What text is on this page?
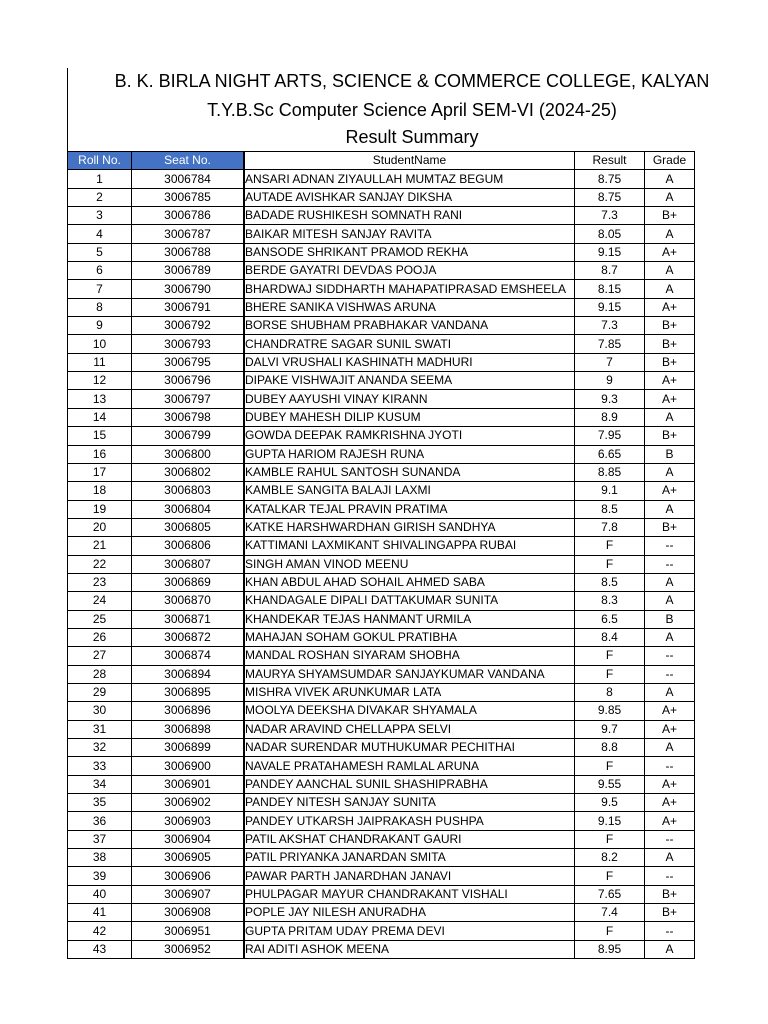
B. K. BIRLA NIGHT ARTS, SCIENCE & COMMERCE COLLEGE, KALYAN
T.Y.B.Sc Computer Science April SEM-VI (2024-25)
Result Summary
Roll No.	Seat No.		StudentName	Result	Grade
1	3006784		ANSARI ADNAN ZIYAULLAH MUMTAZ BEGUM	8.75	A
2	3006785		AUTADE AVISHKAR SANJAY DIKSHA	8.75	A
3	3006786		BADADE RUSHIKESH SOMNATH RANI	7.3	B+
4	3006787		BAIKAR MITESH SANJAY RAVITA	8.05	A
5	3006788		BANSODE SHRIKANT PRAMOD REKHA	9.15	A+
6	3006789		BERDE GAYATRI DEVDAS POOJA	8.7	A
7	3006790		BHARDWAJ SIDDHARTH MAHAPATIPRASAD EMSHEELA	8.15	A
8	3006791		BHERE SANIKA VISHWAS ARUNA	9.15	A+
9	3006792		BORSE SHUBHAM PRABHAKAR VANDANA	7.3	B+
10	3006793		CHANDRATRE SAGAR SUNIL SWATI	7.85	B+
11	3006795		DALVI VRUSHALI KASHINATH MADHURI	7	B+
12	3006796		DIPAKE VISHWAJIT ANANDA SEEMA	9	A+
13	3006797		DUBEY AAYUSHI VINAY KIRANN	9.3	A+
14	3006798		DUBEY MAHESH DILIP KUSUM	8.9	A
15	3006799		GOWDA DEEPAK RAMKRISHNA JYOTI	7.95	B+
16	3006800		GUPTA HARIOM RAJESH RUNA	6.65	B
17	3006802		KAMBLE RAHUL SANTOSH SUNANDA	8.85	A
18	3006803		KAMBLE SANGITA BALAJI LAXMI	9.1	A+
19	3006804		KATALKAR TEJAL PRAVIN PRATIMA	8.5	A
20	3006805		KATKE HARSHWARDHAN GIRISH SANDHYA	7.8	B+
21	3006806		KATTIMANI LAXMIKANT SHIVALINGAPPA RUBAI	F	--
22	3006807		SINGH AMAN VINOD MEENU	F	--
23	3006869		KHAN ABDUL AHAD SOHAIL AHMED SABA	8.5	A
24	3006870		KHANDAGALE DIPALI DATTAKUMAR SUNITA	8.3	A
25	3006871		KHANDEKAR TEJAS HANMANT URMILA	6.5	B
26	3006872		MAHAJAN SOHAM GOKUL PRATIBHA	8.4	A
27	3006874		MANDAL ROSHAN SIYARAM SHOBHA	F	--
28	3006894		MAURYA SHYAMSUMDAR SANJAYKUMAR VANDANA	F	--
29	3006895		MISHRA VIVEK ARUNKUMAR LATA	8	A
30	3006896		MOOLYA DEEKSHA DIVAKAR SHYAMALA	9.85	A+
31	3006898		NADAR ARAVIND CHELLAPPA SELVI	9.7	A+
32	3006899		NADAR SURENDAR MUTHUKUMAR PECHITHAI	8.8	A
33	3006900		NAVALE PRATAHAMESH RAMLAL ARUNA	F	--
34	3006901		PANDEY AANCHAL SUNIL SHASHIPRABHA	9.55	A+
35	3006902		PANDEY NITESH SANJAY SUNITA	9.5	A+
36	3006903		PANDEY UTKARSH JAIPRAKASH PUSHPA	9.15	A+
37	3006904		PATIL AKSHAT CHANDRAKANT GAURI	F	--
38	3006905		PATIL PRIYANKA JANARDAN SMITA	8.2	A
39	3006906		PAWAR PARTH JANARDHAN JANAVI	F	--
40	3006907		PHULPAGAR MAYUR CHANDRAKANT VISHALI	7.65	B+
41	3006908		POPLE JAY NILESH ANURADHA	7.4	B+
42	3006951		GUPTA PRITAM UDAY PREMA DEVI	F	--
43	3006952		RAI ADITI ASHOK MEENA	8.95	A
